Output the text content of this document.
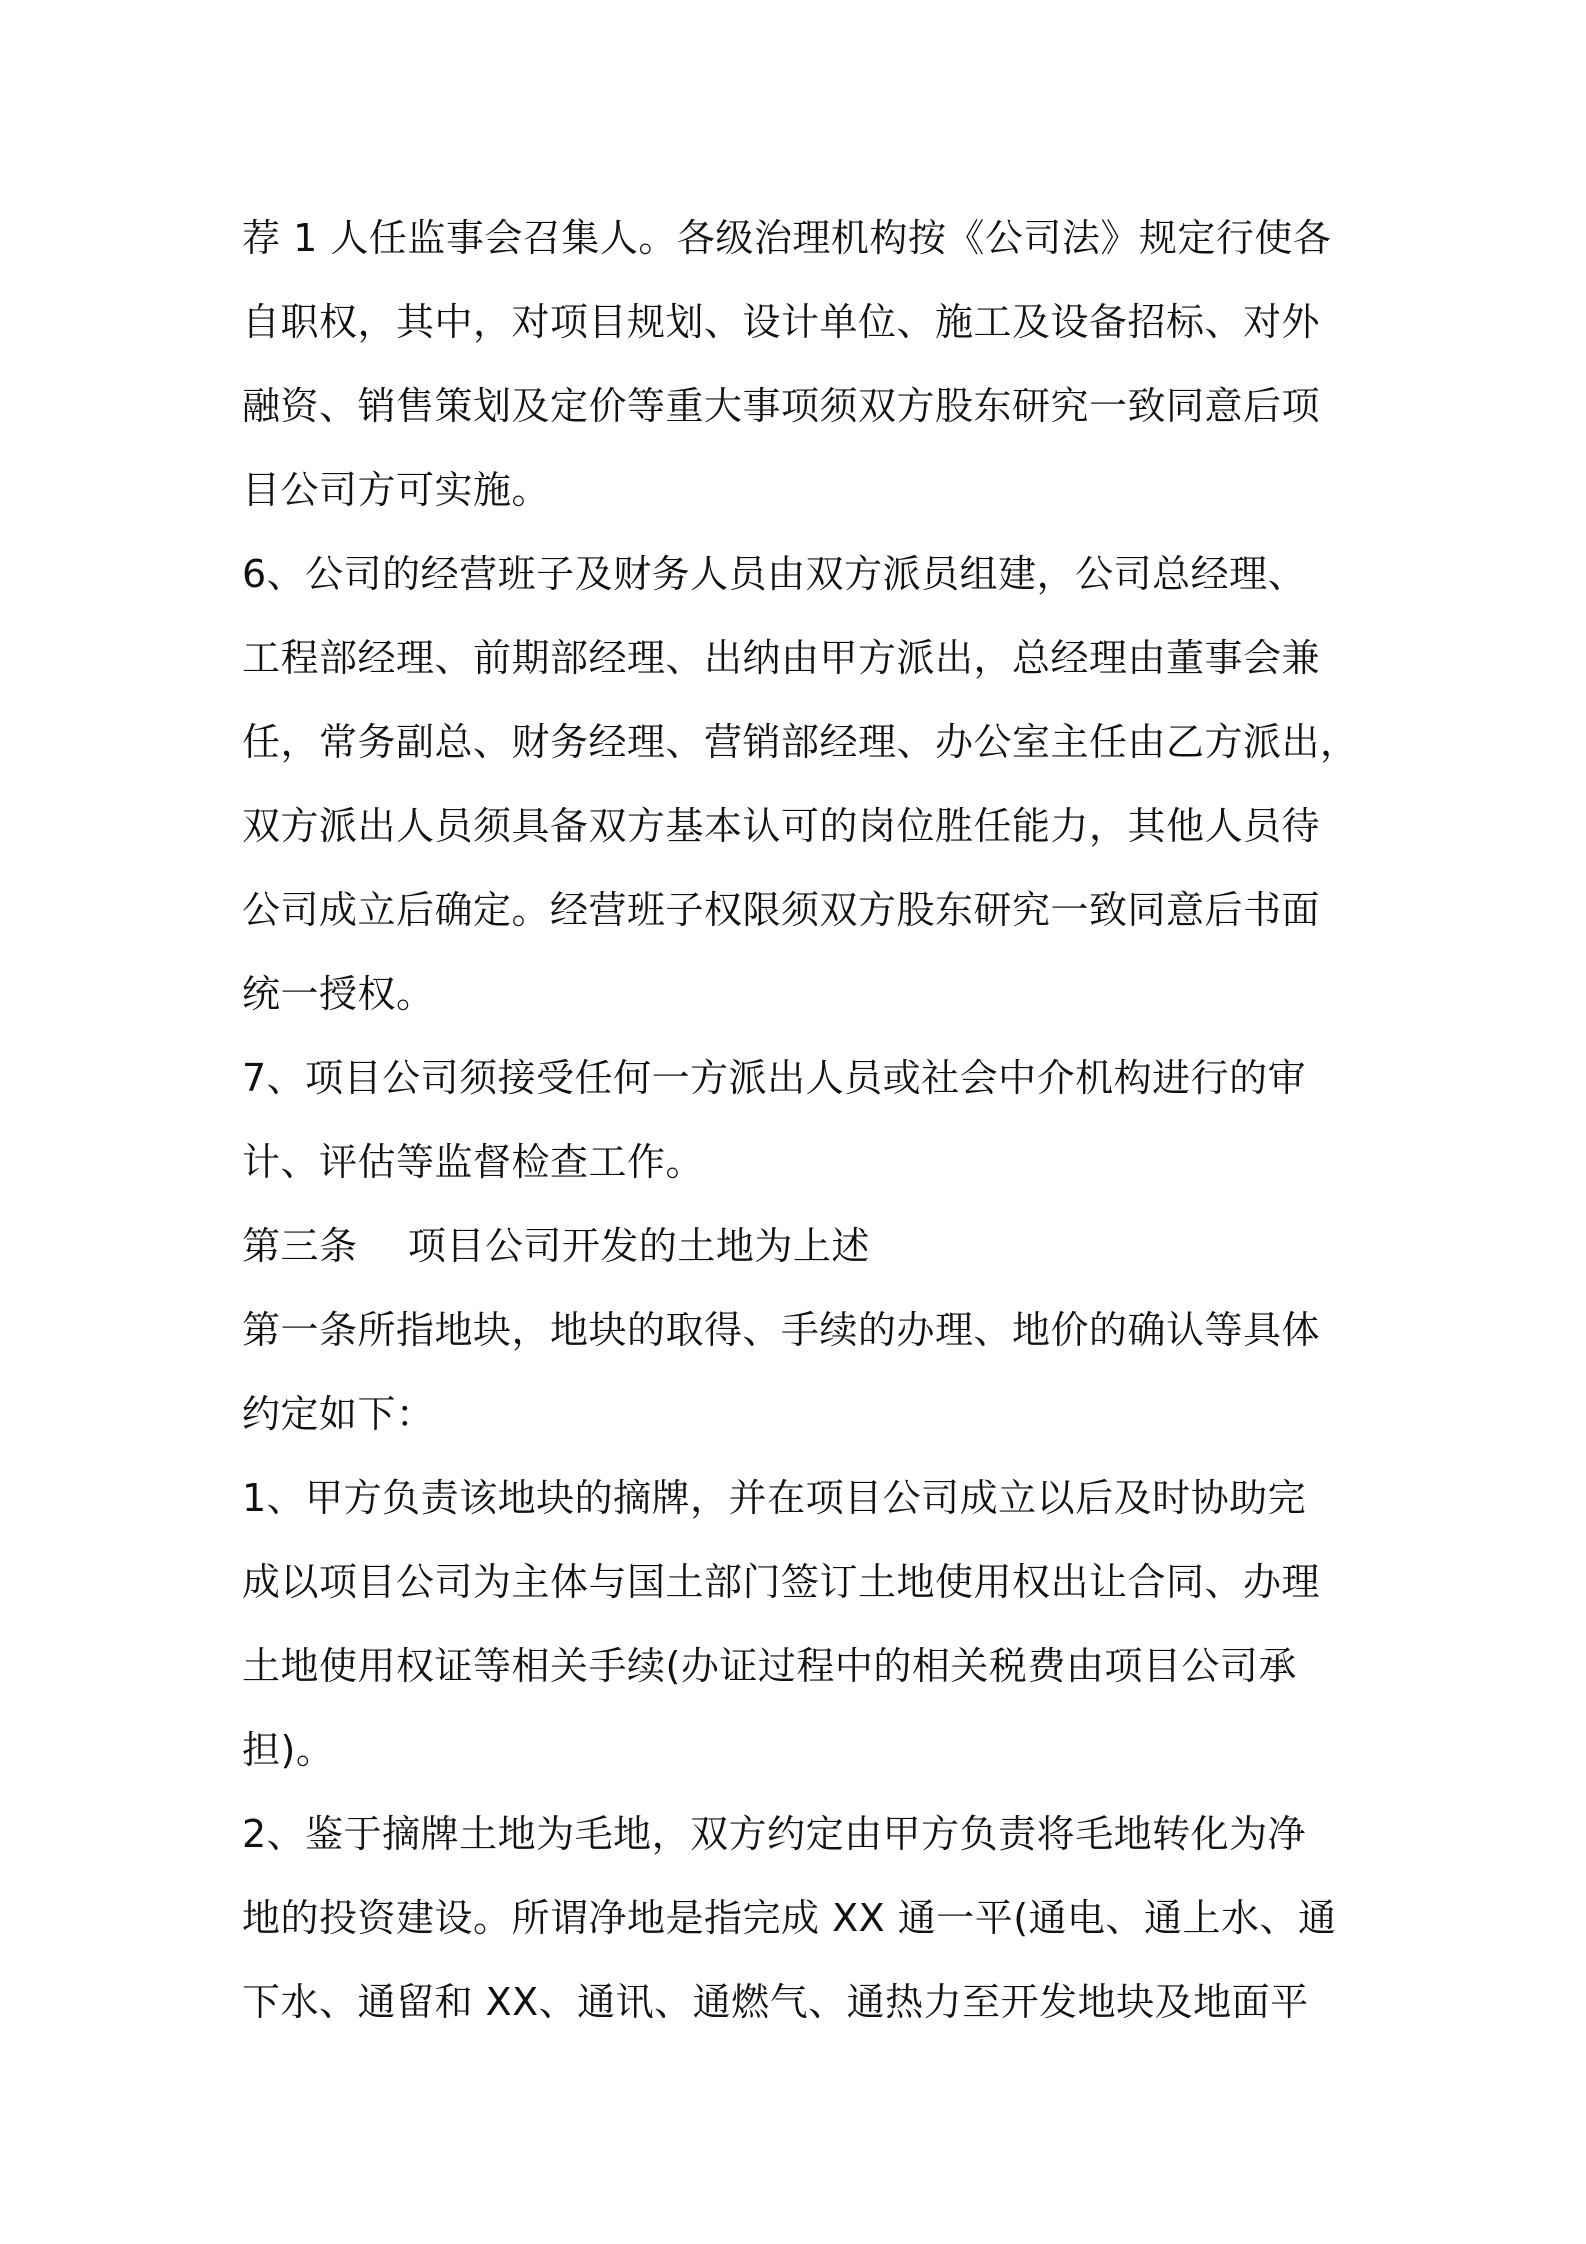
荐 1 人任监事会召集人。各级治理机构按《公司法》规定行使各
自职权，其中，对项目规划、设计单位、施工及设备招标、对外
融资、销售策划及定价等重大事项须双方股东研究一致同意后项
目公司方可实施。
6、公司的经营班子及财务人员由双方派员组建，公司总经理、
工程部经理、前期部经理、出纳由甲方派出，总经理由董事会兼
任，常务副总、财务经理、营销部经理、办公室主任由乙方派出，
双方派出人员须具备双方基本认可的岗位胜任能力，其他人员待
公司成立后确定。经营班子权限须双方股东研究一致同意后书面
统一授权。
7、项目公司须接受任何一方派出人员或社会中介机构进行的审
计、评估等监督检查工作。
第三条    项目公司开发的土地为上述
第一条所指地块，地块的取得、手续的办理、地价的确认等具体
约定如下：
1、甲方负责该地块的摘牌，并在项目公司成立以后及时协助完
成以项目公司为主体与国土部门签订土地使用权出让合同、办理
土地使用权证等相关手续(办证过程中的相关税费由项目公司承
担)。
2、鉴于摘牌土地为毛地，双方约定由甲方负责将毛地转化为净
地的投资建设。所谓净地是指完成 XX 通一平(通电、通上水、通
下水、通留和 XX、通讯、通燃气、通热力至开发地块及地面平
